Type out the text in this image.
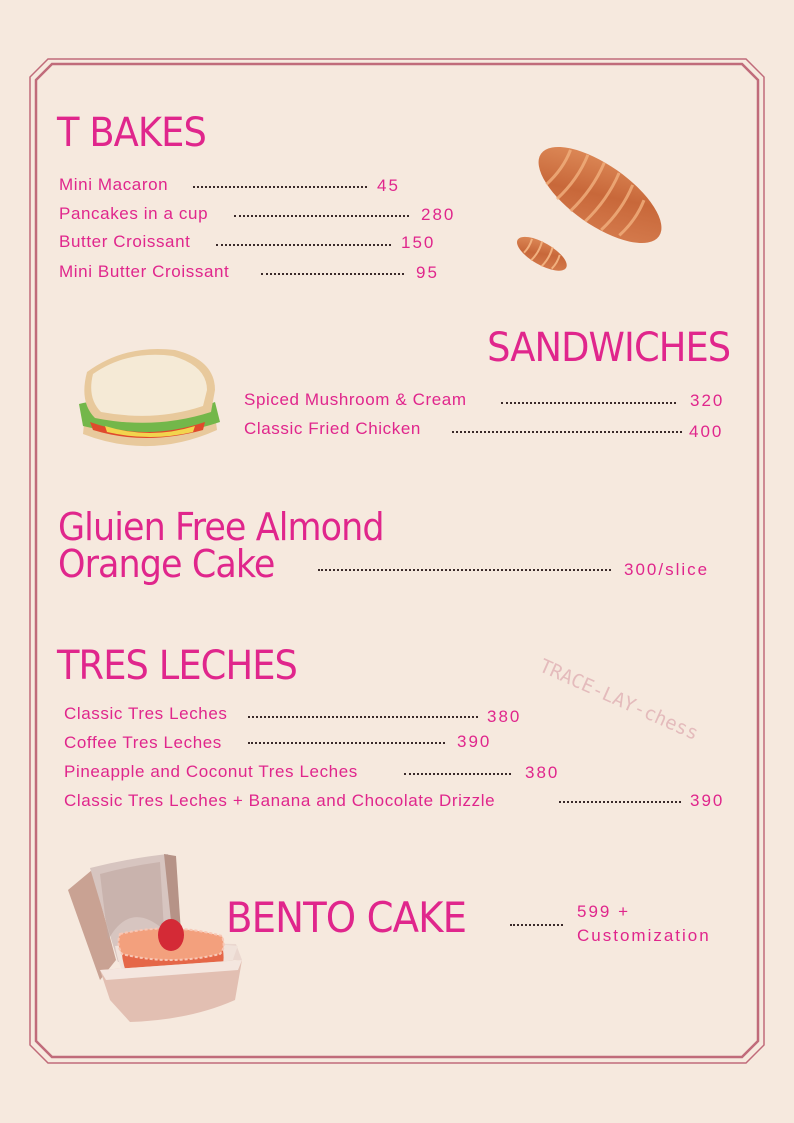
T BAKES
Mini Macaron	45
Pancakes in a cup	280
Butter Croissant	150
Mini Butter Croissant	95
SANDWICHES
Spiced Mushroom & Cream	320
Classic Fried Chicken	400
Gluien Free Almond
Orange Cake	300/slice
TRES LECHES
Classic Tres Leches	380
Coffee Tres Leches	390
Pineapple and Coconut Tres Leches	380
Classic Tres Leches + Banana and Chocolate Drizzle	390
TRACE-LAY-chess
BENTO CAKE	599 +
Customization
